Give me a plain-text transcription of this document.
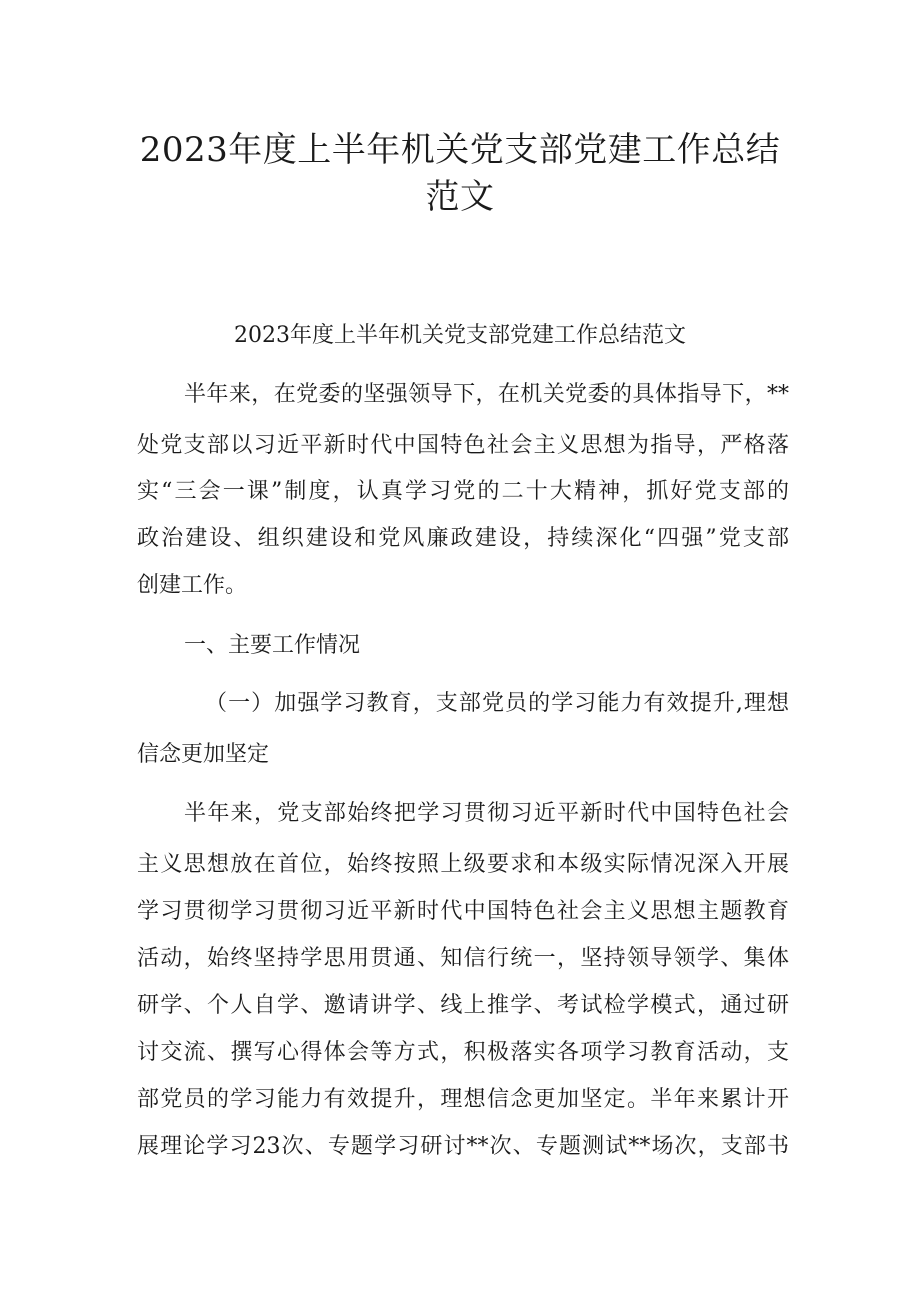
2023年度上半年机关党支部党建工作总结
范文
2023年度上半年机关党支部党建工作总结范文
半年来，在党委的坚强领导下，在机关党委的具体指导下，**
处党支部以习近平新时代中国特色社会主义思想为指导，严格落
实“三会一课”制度，认真学习党的二十大精神，抓好党支部的
政治建设、组织建设和党风廉政建设，持续深化“四强”党支部
创建工作。
一、主要工作情况
（一）加强学习教育，支部党员的学习能力有效提升,理想
信念更加坚定
半年来，党支部始终把学习贯彻习近平新时代中国特色社会
主义思想放在首位，始终按照上级要求和本级实际情况深入开展
学习贯彻学习贯彻习近平新时代中国特色社会主义思想主题教育
活动，始终坚持学思用贯通、知信行统一，坚持领导领学、集体
研学、个人自学、邀请讲学、线上推学、考试检学模式，通过研
讨交流、撰写心得体会等方式，积极落实各项学习教育活动，支
部党员的学习能力有效提升，理想信念更加坚定。半年来累计开
展理论学习23次、专题学习研讨**次、专题测试**场次，支部书
